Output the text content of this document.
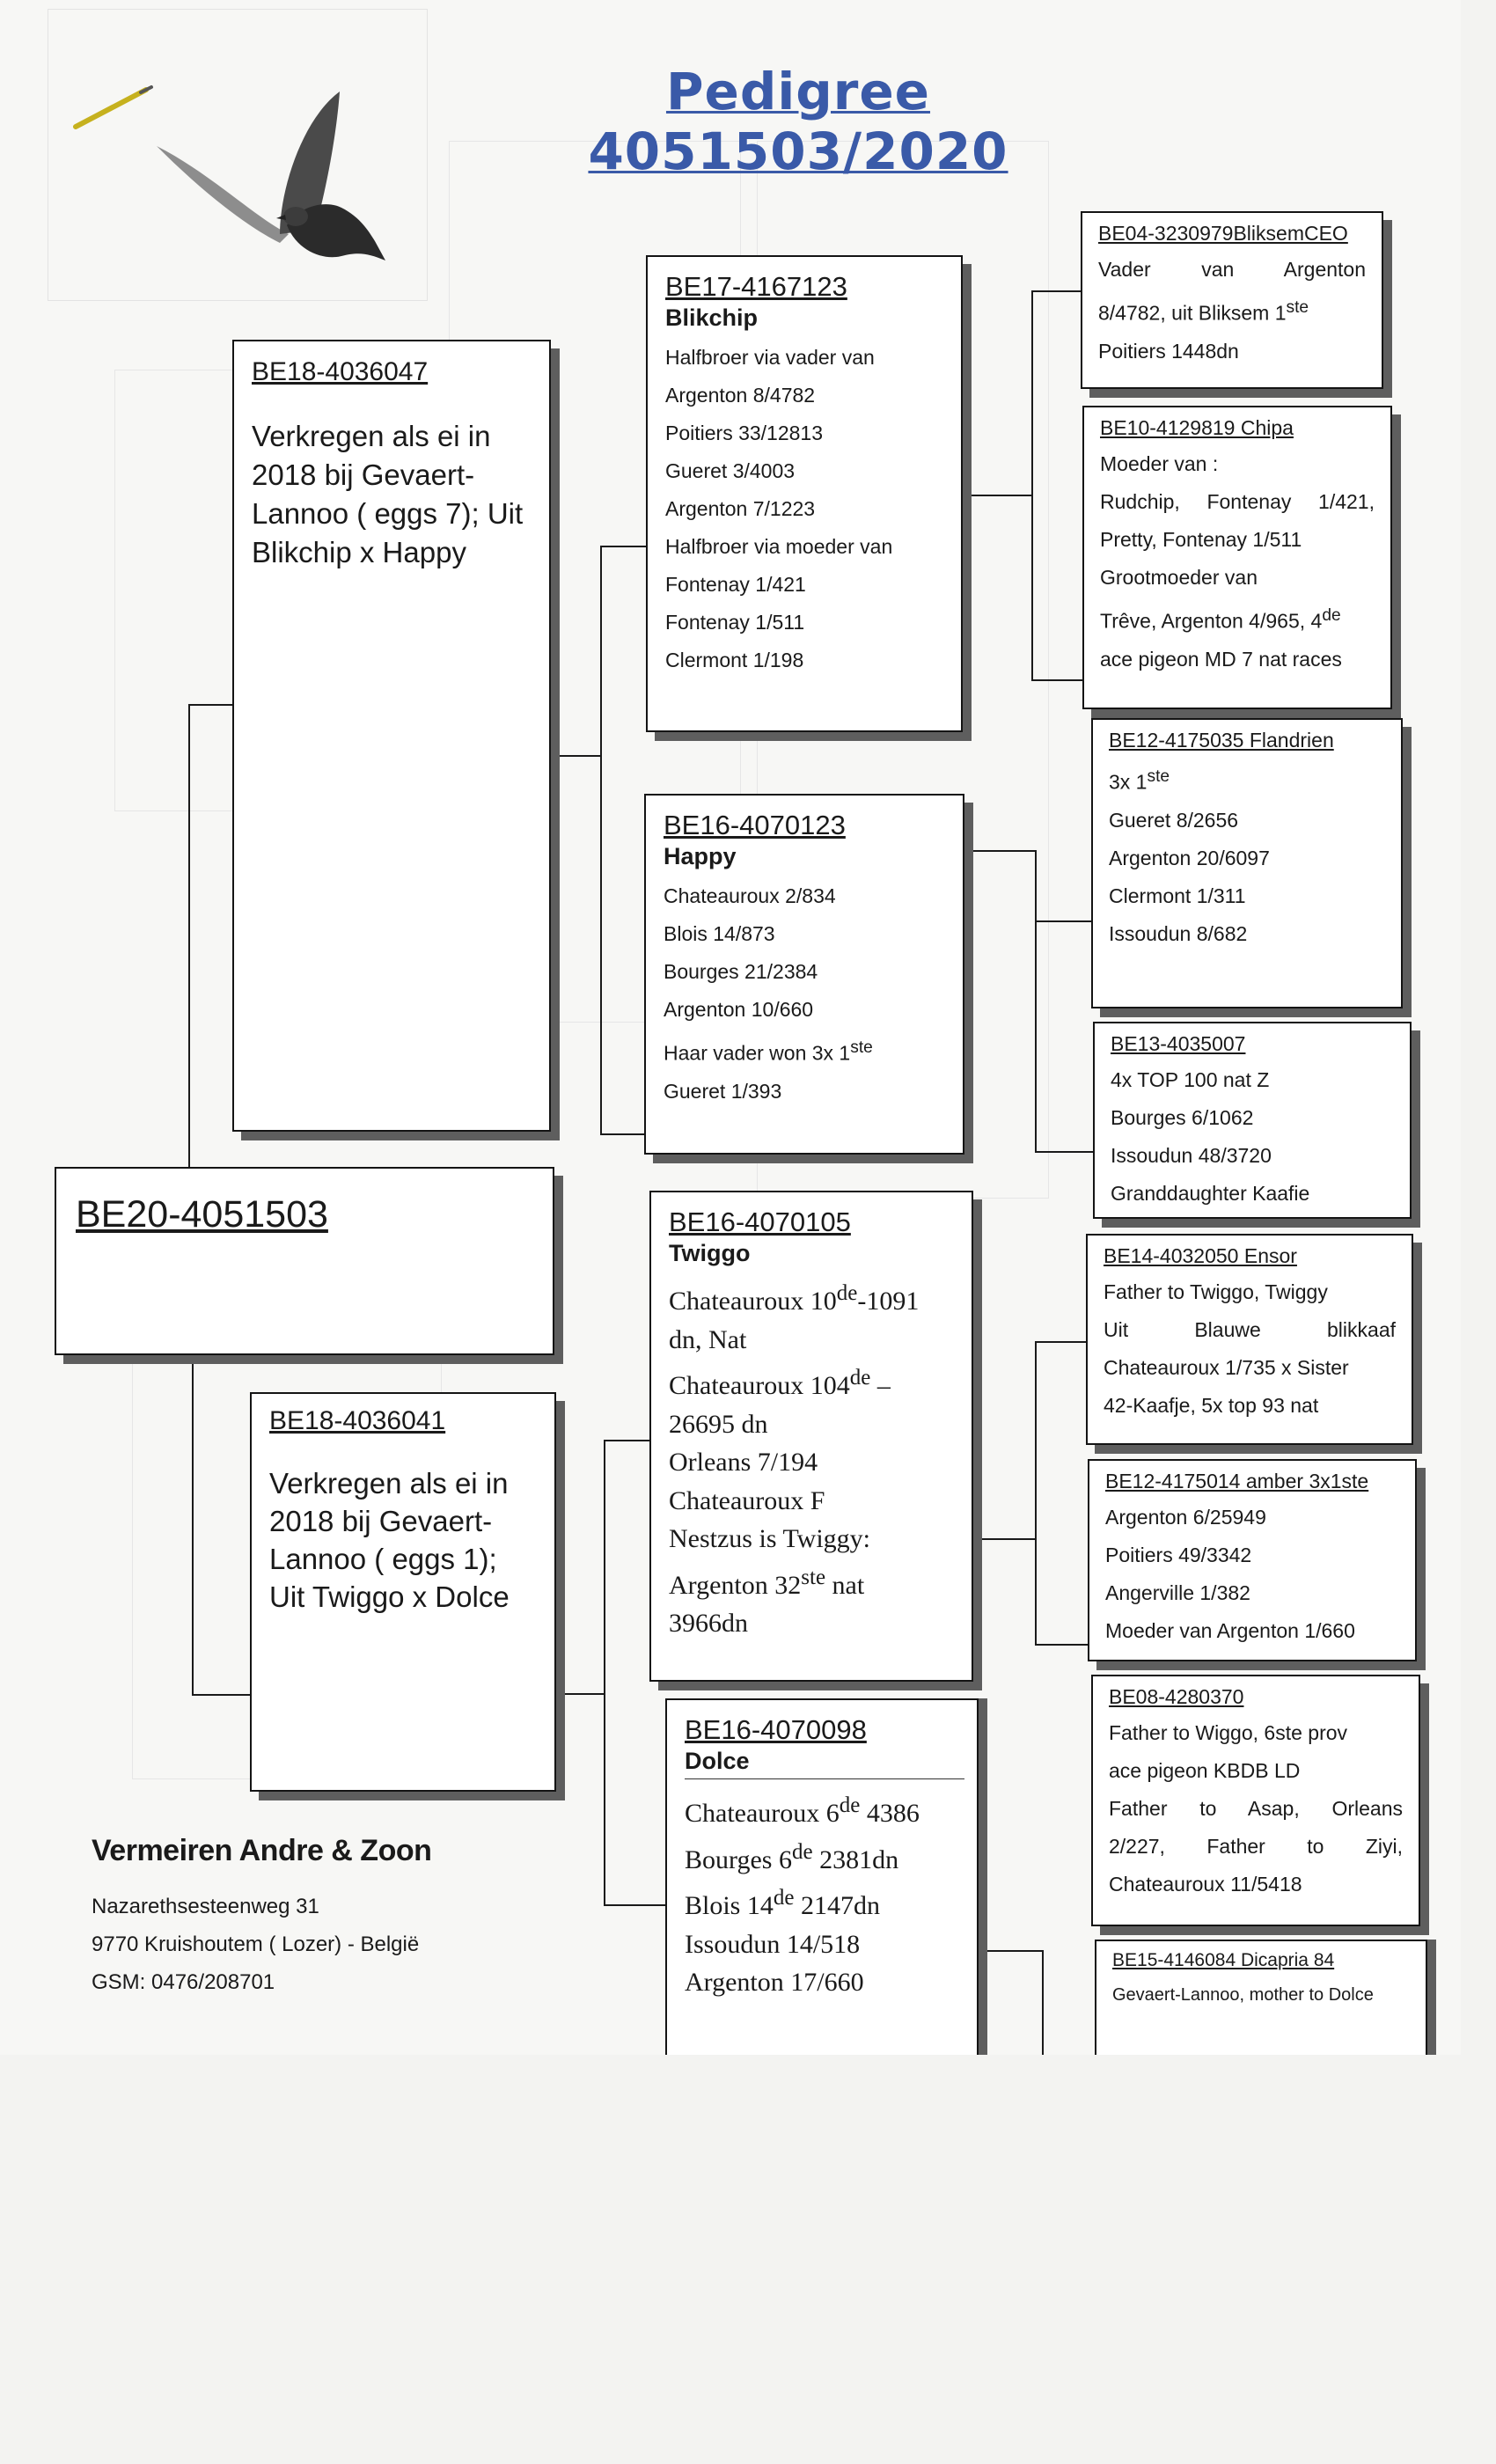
Pedigree 4051503/2020
BE18-4036047
Verkregen als ei in 2018 bij Gevaert-Lannoo ( eggs 7); Uit Blikchip x Happy
BE20-4051503
BE18-4036041
Verkregen als ei in 2018 bij Gevaert-Lannoo ( eggs 1); Uit Twiggo x Dolce
BE17-4167123
Blikchip
Halfbroer via vader van
Argenton 8/4782
Poitiers 33/12813
Gueret 3/4003
Argenton 7/1223
Halfbroer via moeder van
Fontenay 1/421
Fontenay 1/511
Clermont 1/198
BE16-4070123
Happy
Chateauroux 2/834
Blois 14/873
Bourges 21/2384
Argenton 10/660
Haar vader won 3x 1ste
Gueret 1/393
BE16-4070105
Twiggo
Chateauroux 10de-1091
dn, Nat
Chateauroux 104de –
26695 dn
Orleans 7/194
Chateauroux F
Nestzus is Twiggy:
Argenton 32ste nat
3966dn
BE16-4070098
Dolce
Chateauroux 6de 4386
Bourges 6de 2381dn
Blois 14de 2147dn
Issoudun 14/518
Argenton 17/660
BE04-3230979BliksemCEO
Vader van Argenton
8/4782, uit Bliksem 1ste
Poitiers 1448dn
BE10-4129819 Chipa
Moeder van :
Rudchip, Fontenay 1/421,
Pretty, Fontenay 1/511
Grootmoeder van
Trêve, Argenton 4/965, 4de
ace pigeon MD 7 nat races
BE12-4175035 Flandrien
3x 1ste
Gueret 8/2656
Argenton 20/6097
Clermont 1/311
Issoudun 8/682
BE13-4035007
4x TOP 100 nat Z
Bourges 6/1062
Issoudun 48/3720
Granddaughter Kaafie
BE14-4032050 Ensor
Father to Twiggo, Twiggy
Uit Blauwe blikkaaf
Chateauroux 1/735 x Sister
42-Kaafje, 5x top 93 nat
BE12-4175014 amber 3x1ste
Argenton 6/25949
Poitiers 49/3342
Angerville 1/382
Moeder van Argenton 1/660
BE08-4280370
Father to Wiggo, 6ste prov
ace pigeon KBDB LD
Father to Asap, Orleans
2/227, Father to Ziyi,
Chateauroux 11/5418
BE15-4146084 Dicapria 84
Gevaert-Lannoo, mother to Dolce
Vermeiren Andre & Zoon
Nazarethsesteenweg 31
9770 Kruishoutem ( Lozer) - België
GSM: 0476/208701
